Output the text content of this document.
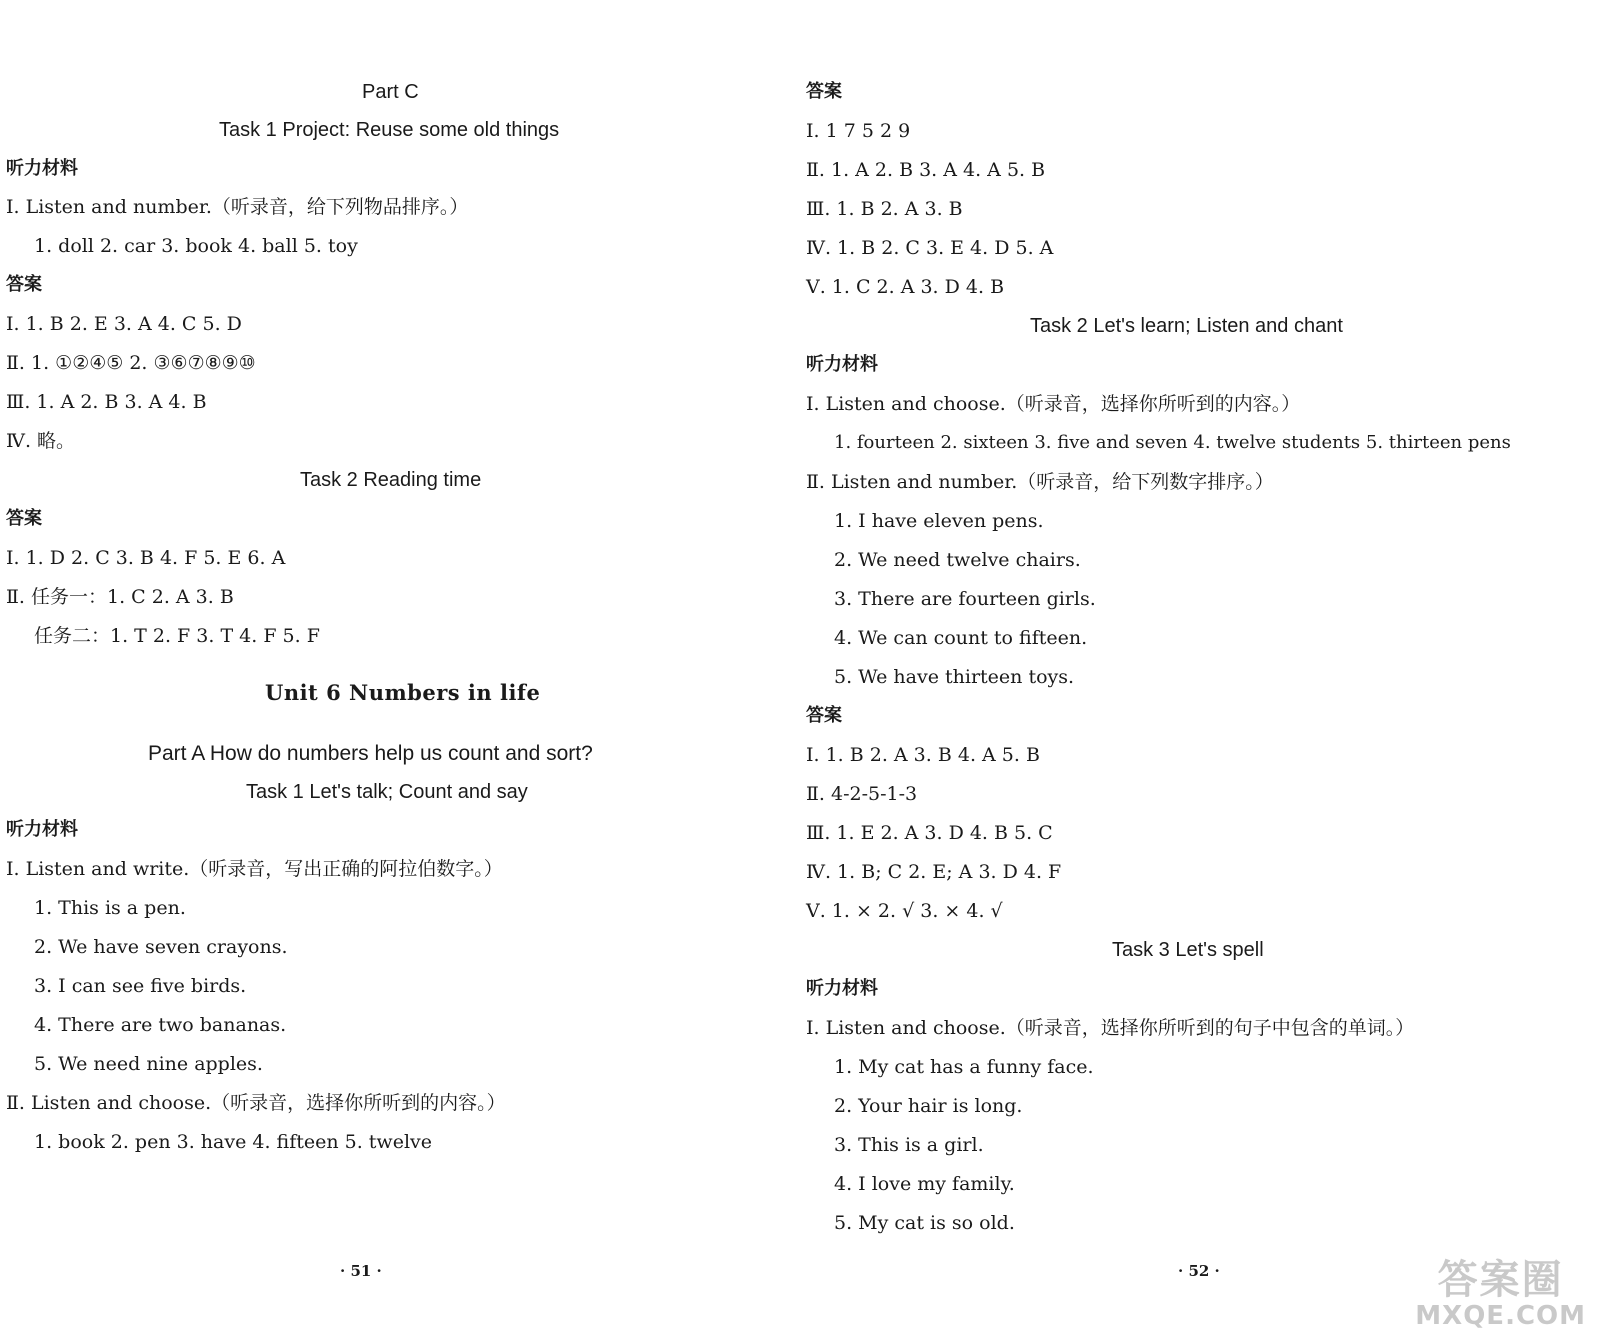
Part C
Task 1 Project: Reuse some old things
听力材料
Ⅰ. Listen and number.（听录音，给下列物品排序。）
1. doll 2. car 3. book 4. ball 5. toy
答案
Ⅰ. 1. B 2. E 3. A 4. C 5. D
Ⅱ. 1. ①②④⑤ 2. ③⑥⑦⑧⑨⑩
Ⅲ. 1. A 2. B 3. A 4. B
Ⅳ. 略。
Task 2 Reading time
答案
Ⅰ. 1. D 2. C 3. B 4. F 5. E 6. A
Ⅱ. 任务一：1. C 2. A 3. B
任务二：1. T 2. F 3. T 4. F 5. F
Unit 6 Numbers in life
Part A How do numbers help us count and sort?
Task 1 Let's talk; Count and say
听力材料
Ⅰ. Listen and write.（听录音，写出正确的阿拉伯数字。）
1. This is a pen.
2. We have seven crayons.
3. I can see five birds.
4. There are two bananas.
5. We need nine apples.
Ⅱ. Listen and choose.（听录音，选择你所听到的内容。）
1. book 2. pen 3. have 4. fifteen 5. twelve
· 51 ·
答案
Ⅰ. 1 7 5 2 9
Ⅱ. 1. A 2. B 3. A 4. A 5. B
Ⅲ. 1. B 2. A 3. B
Ⅳ. 1. B 2. C 3. E 4. D 5. A
Ⅴ. 1. C 2. A 3. D 4. B
Task 2 Let's learn; Listen and chant
听力材料
Ⅰ. Listen and choose.（听录音，选择你所听到的内容。）
1. fourteen 2. sixteen 3. five and seven 4. twelve students 5. thirteen pens
Ⅱ. Listen and number.（听录音，给下列数字排序。）
1. I have eleven pens.
2. We need twelve chairs.
3. There are fourteen girls.
4. We can count to fifteen.
5. We have thirteen toys.
答案
Ⅰ. 1. B 2. A 3. B 4. A 5. B
Ⅱ. 4-2-5-1-3
Ⅲ. 1. E 2. A 3. D 4. B 5. C
Ⅳ. 1. B; C 2. E; A 3. D 4. F
Ⅴ. 1. × 2. √ 3. × 4. √
Task 3 Let's spell
听力材料
Ⅰ. Listen and choose.（听录音，选择你所听到的句子中包含的单词。）
1. My cat has a funny face.
2. Your hair is long.
3. This is a girl.
4. I love my family.
5. My cat is so old.
· 52 ·	答案圈
MXQE.COM
